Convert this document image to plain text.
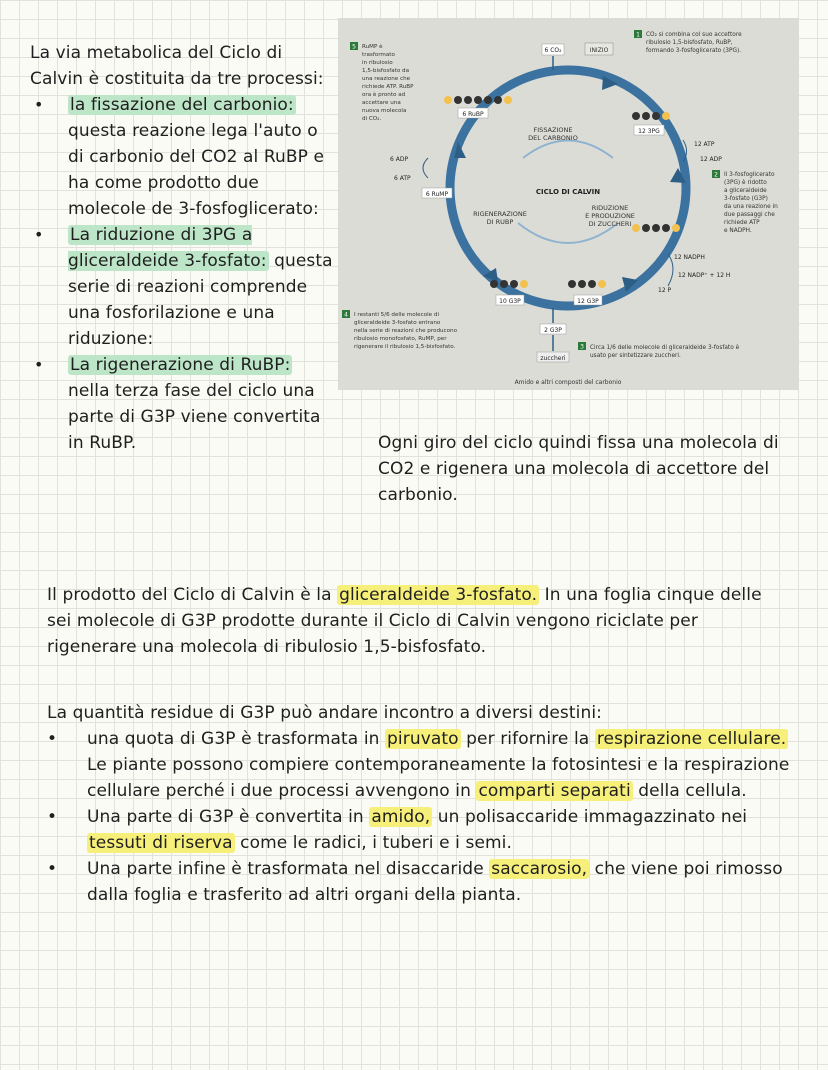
La via metabolica del Ciclo di Calvin è costituita da tre processi:

• la fissazione del carbonio: questa reazione lega l'auto o di carbonio del CO2 al RuBP e ha come prodotto due molecole de 3-fosfoglicerato:
• La riduzione di 3PG a gliceraldeide 3-fosfato: questa serie di reazioni comprende una fosforilazione e una riduzione:
• La rigenerazione di RuBP: nella terza fase del ciclo una parte di G3P viene convertita in RuBP.
CICLO DI CALVIN
FISSAZIONE
DEL CARBONIO
RIDUZIONE
E PRODUZIONE
DI ZUCCHERI
RIGENERAZIONE
DI RUBP
6 CO₂	INIZIO
6 RuBP
12 3PG
12 ATP
12 ADP
2 Il 3-fosfoglicerato
(3PG) è ridotto
a gliceraldeide
3-fosfato (G3P)
da una reazione in
due passaggi che
richiede ATP
e NADPH.
12 NADPH
12 NADP⁺ + 12 H
12 P
12 G3P
10 G3P
2 G3P
zuccheri
Amido e altri composti del carbonio
3 Circa 1/6 delle molecole di gliceraldeide 3-fosfato è
usato per sintetizzare zuccheri.
6 ADP
6 ATP
6 RuMP
1 CO₂ si combina col suo accettore
ribulosio 1,5-bisfosfato, RuBP,
formando 3-fosfoglicerato (3PG).
5 RuMP è
trasformato
in ribulosio
1,5-bisfosfato da
una reazione che
richiede ATP. RuBP
ora è pronto ad
accettare una
nuova molecola
di CO₂.
4 I restanti 5/6 delle molecole di
gliceraldeide 3-fosfato entrano
nella serie di reazioni che producono
ribulosio monofosfato, RuMP, per
rigenerare il ribulosio 1,5-bisfosfato.
Ogni giro del ciclo quindi fissa una molecola di CO2 e rigenera una molecola di accettore del carbonio.
Il prodotto del Ciclo di Calvin è la gliceraldeide 3-fosfato. In una foglia cinque delle sei molecole di G3P prodotte durante il Ciclo di Calvin vengono riciclate per rigenerare una molecola di ribulosio 1,5-bisfosfato.
La quantità residue di G3P può andare incontro a diversi destini:
• una quota di G3P è trasformata in piruvato per rifornire la respirazione cellulare. Le piante possono compiere contemporaneamente la fotosintesi e la respirazione cellulare perché i due processi avvengono in comparti separati della cellula.
• Una parte di G3P è convertita in amido, un polisaccaride immagazzinato nei tessuti di riserva come le radici, i tuberi e i semi.
• Una parte infine è trasformata nel disaccaride saccarosio, che viene poi rimosso dalla foglia e trasferito ad altri organi della pianta.
